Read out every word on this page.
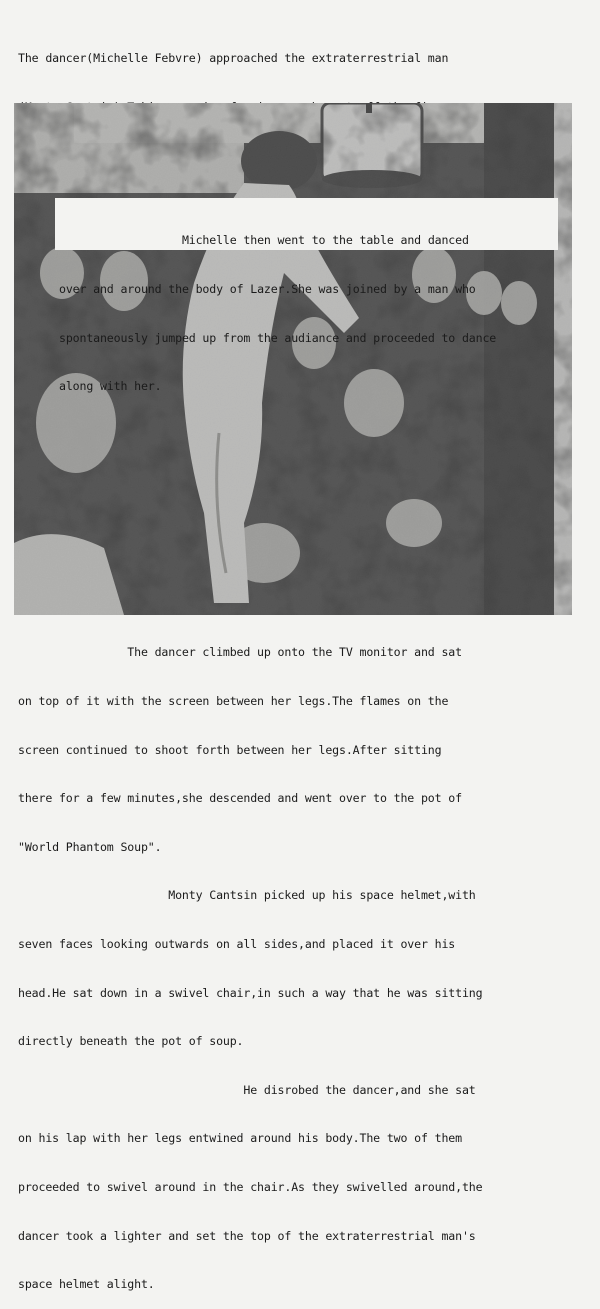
The dancer(Michelle Febvre) approached the extraterrestrial man

Michelle then went to the table and danced

over and around the body of Lazer.She was joined by a man who

spontaneously jumped up from the audiance and proceeded to dance

along with her.

The dancer climbed up onto the TV monitor and sat

on top of it with the screen between her legs.The flames on the

screen continued to shoot forth between her legs.After sitting

there for a few minutes,she descended and went over to the pot of

"World Phantom Soup".

Monty Cantsin picked up his space helmet,with

seven faces looking outwards on all sides,and placed it over his

head.He sat down in a swivel chair,in such a way that he was sitting

directly beneath the pot of soup.

He disrobed the dancer,and she sat

on his lap with her legs entwined around his body.The two of them

proceeded to swivel around in the chair.As they swivelled around,the

dancer took a lighter and set the top of the extraterrestrial man's

space helmet alight.
